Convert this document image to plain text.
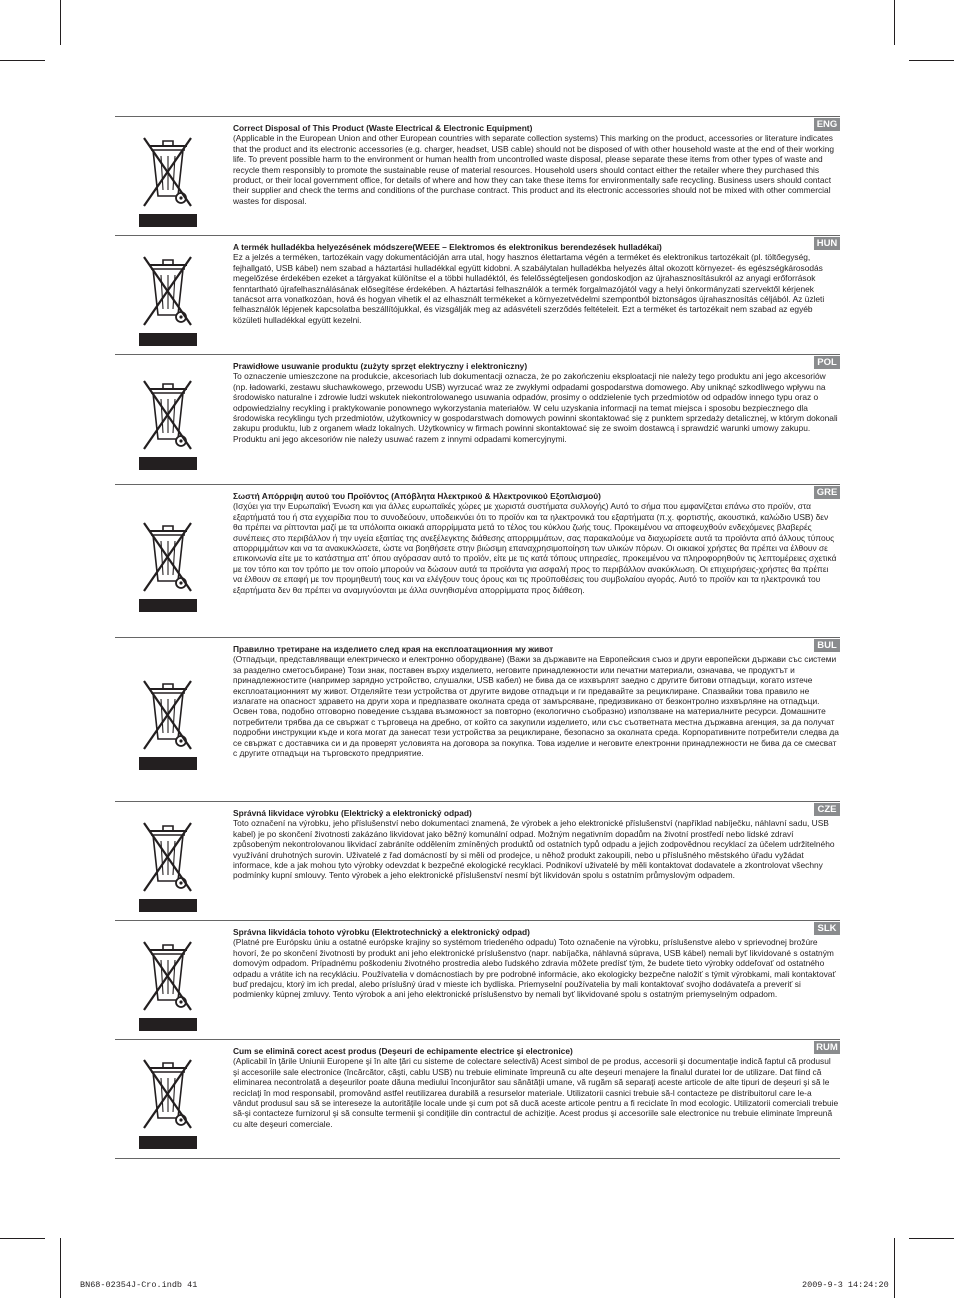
ENG

Correct Disposal of This Product (Waste Electrical & Electronic Equipment)

(Applicable in the European Union and other European countries with separate collection systems) This marking on the product, accessories or literature indicates that the product and its electronic accessories (e.g. charger, headset, USB cable) should not be disposed of with other household waste at the end of their working life. To prevent possible harm to the environment or human health from uncontrolled waste disposal, please separate these items from other types of waste and recycle them responsibly to promote the sustainable reuse of material resources. Household users should contact either the retailer where they purchased this product, or their local government office, for details of where and how they can take these items for environmentally safe recycling. Business users should contact their supplier and check the terms and conditions of the purchase contract. This product and its electronic accessories should not be mixed with other commercial wastes for disposal.

HUN

A termék hulladékba helyezésének módszere(WEEE – Elektromos és elektronikus berendezések hulladékai)

Ez a jelzés a terméken, tartozékain vagy dokumentációján arra utal, hogy hasznos élettartama végén a terméket és elektronikus tartozékait (pl. töltőegység, fejhallgató, USB kábel) nem szabad a háztartási hulladékkal együtt kidobni. A szabálytalan hulladékba helyezés által okozott környezet- és egészségkárosodás megelőzése érdekében ezeket a tárgyakat különítse el a többi hulladéktól, és felelősségteljesen gondoskodjon az újrahasznosításukról az anyagi erőforrások fenntartható újrafelhasználásának elősegítése érdekében. A háztartási felhasználók a termék forgalmazójától vagy a helyi önkormányzati szervektől kérjenek tanácsot arra vonatkozóan, hová és hogyan vihetik el az elhasznált termékeket a környezetvédelmi szempontból biztonságos újrahasznosítás céljából. Az üzleti felhasználók lépjenek kapcsolatba beszállítójukkal, és vizsgálják meg az adásvételi szerződés feltételeit. Ezt a terméket és tartozékait nem szabad az egyéb közületi hulladékkal együtt kezelni.

POL

Prawidłowe usuwanie produktu (zużyty sprzęt elektryczny i elektroniczny)

To oznaczenie umieszczone na produkcie, akcesoriach lub dokumentacji oznacza, że po zakończeniu eksploatacji nie należy tego produktu ani jego akcesoriów (np. ładowarki, zestawu słuchawkowego, przewodu USB) wyrzucać wraz ze zwykłymi odpadami gospodarstwa domowego. Aby uniknąć szkodliwego wpływu na środowisko naturalne i zdrowie ludzi wskutek niekontrolowanego usuwania odpadów, prosimy o oddzielenie tych przedmiotów od odpadów innego typu oraz o odpowiedzialny recykling i praktykowanie ponownego wykorzystania materiałów. W celu uzyskania informacji na temat miejsca i sposobu bezpiecznego dla środowiska recyklingu tych przedmiotów, użytkownicy w gospodarstwach domowych powinni skontaktować się z punktem sprzedaży detalicznej, w którym dokonali zakupu produktu, lub z organem władz lokalnych. Użytkownicy w firmach powinni skontaktować się ze swoim dostawcą i sprawdzić warunki umowy zakupu. Produktu ani jego akcesoriów nie należy usuwać razem z innymi odpadami komercyjnymi.

GRE

Σωστή Απόρριψη αυτού του Προϊόντος (Απόβλητα Ηλεκτρικού & Ηλεκτρονικού Εξοπλισμού)

(Ισχύει για την Ευρωπαϊκή Ένωση και για άλλες ευρωπαϊκές χώρες με χωριστά συστήματα συλλογής) Αυτό το σήμα που εμφανίζεται επάνω στο προϊόν, στα εξαρτήματά του ή στα εγχειρίδια που το συνοδεύουν, υποδεικνύει ότι το προϊόν και τα ηλεκτρονικά του εξαρτήματα (π.χ. φορτιστής, ακουστικά, καλώδιο USB) δεν θα πρέπει να ρίπτονται μαζί με τα υπόλοιπα οικιακά απορρίμματα μετά το τέλος του κύκλου ζωής τους. Προκειμένου να αποφευχθούν ενδεχόμενες βλαβερές συνέπειες στο περιβάλλον ή την υγεία εξαιτίας της ανεξέλεγκτης διάθεσης απορριμμάτων, σας παρακαλούμε να διαχωρίσετε αυτά τα προϊόντα από άλλους τύπους απορριμμάτων και να τα ανακυκλώσετε, ώστε να βοηθήσετε στην βιώσιμη επαναχρησιμοποίηση των υλικών πόρων. Οι οικιακοί χρήστες θα πρέπει να έλθουν σε επικοινωνία είτε με το κατάστημα απ' όπου αγόρασαν αυτό το προϊόν, είτε με τις κατά τόπους υπηρεσίες, προκειμένου να πληροφορηθούν τις λεπτομέρειες σχετικά με τον τόπο και τον τρόπο με τον οποίο μπορούν να δώσουν αυτά τα προϊόντα για ασφαλή προς το περιβάλλον ανακύκλωση. Οι επιχειρήσεις-χρήστες θα πρέπει να έλθουν σε επαφή με τον προμηθευτή τους και να ελέγξουν τους όρους και τις προϋποθέσεις του συμβολαίου αγοράς. Αυτό το προϊόν και τα ηλεκτρονικά του εξαρτήματα δεν θα πρέπει να αναμιγνύονται με άλλα συνηθισμένα απορρίμματα προς διάθεση.

BUL

Правилно третиране на изделието след края на експлоатационния му живот

(Отпадъци, представляващи електрическо и електронно оборудване) (Важи за държавите на Европейския съюз и други европейски държави със системи за разделно сметосъбиране) Този знак, поставен върху изделието, неговите принадлежности или печатни материали, означава, че продуктът и принадлежностите (например зарядно устройство, слушалки, USB кабел) не бива да се изхвърлят заедно с другите битови отпадъци, когато изтече експлоатационният му живот. Отделяйте тези устройства от другите видове отпадъци и ги предавайте за рециклиране. Спазвайки това правило не излагате на опасност здравето на други хора и предпазвате околната среда от замърсяване, предизвикано от безконтролно изхвърляне на отпадъци. Освен това, подобно отговорно поведение създава възможност за повторно (екологично съобразно) използване на материалните ресурси. Домашните потребители трябва да се свържат с търговеца на дребно, от който са закупили изделието, или със съответната местна държавна агенция, за да получат подробни инструкции къде и кога могат да занесат тези устройства за рециклиране, безопасно за околната среда. Корпоративните потребители следва да се свържат с доставчика си и да проверят условията на договора за покупка. Това изделие и неговите електронни принадлежности не бива да се смесват с другите отпадъци на търговското предприятие.

CZE

Správná likvidace výrobku (Elektrický a elektronický odpad)

Toto označení na výrobku, jeho příslušenství nebo dokumentaci znamená, že výrobek a jeho elektronické příslušenství (například nabíječku, náhlavní sadu, USB kabel) je po skončení životnosti zakázáno likvidovat jako běžný komunální odpad. Možným negativním dopadům na životní prostředí nebo lidské zdraví způsobeným nekontrolovanou likvidací zabráníte oddělením zmíněných produktů od ostatních typů odpadu a jejich zodpovědnou recyklací za účelem udržitelného využívání druhotných surovin. Uživatelé z řad domácností by si měli od prodejce, u něhož produkt zakoupili, nebo u příslušného městského úřadu vyžádat informace, kde a jak mohou tyto výrobky odevzdat k bezpečné ekologické recyklaci. Podnikoví uživatelé by měli kontaktovat dodavatele a zkontrolovat všechny podmínky kupní smlouvy. Tento výrobek a jeho elektronické příslušenství nesmí být likvidován spolu s ostatním průmyslovým odpadem.

SLK

Správna likvidácia tohoto výrobku (Elektrotechnický a elektronický odpad)

(Platné pre Európsku úniu a ostatné európske krajiny so systémom triedeného odpadu) Toto označenie na výrobku, príslušenstve alebo v sprievodnej brožúre hovorí, že po skončení životnosti by produkt ani jeho elektronické príslušenstvo (napr. nabíjačka, náhlavná súprava, USB kábel) nemali byť likvidované s ostatným domovým odpadom. Prípadnému poškodeniu životného prostredia alebo ľudského zdravia môžete predísť tým, že budete tieto výrobky oddeľovať od ostatného odpadu a vrátite ich na recykláciu. Používatelia v domácnostiach by pre podrobné informácie, ako ekologicky bezpečne naložiť s týmit výrobkami, mali kontaktovať buď predajcu, ktorý im ich predal, alebo príslušný úrad v mieste ich bydliska. Priemyselní používatelia by mali kontaktovať svojho dodávateľa a preveriť si podmienky kúpnej zmluvy. Tento výrobok a ani jeho elektronické príslušenstvo by nemali byť likvidované spolu s ostatným priemyselným odpadom.

RUM

Cum se elimină corect acest produs (Deşeuri de echipamente electrice şi electronice)

(Aplicabil în ţările Uniunii Europene şi în alte ţări cu sisteme de colectare selectivă) Acest simbol de pe produs, accesorii şi documentaţie indică faptul că produsul şi accesoriile sale electronice (încărcător, căşti, cablu USB) nu trebuie eliminate împreună cu alte deşeuri menajere la finalul duratei lor de utilizare. Dat fiind că eliminarea necontrolată a deşeurilor poate dăuna mediului înconjurător sau sănătăţii umane, vă rugăm să separaţi aceste articole de alte tipuri de deşeuri şi să le reciclaţi în mod responsabil, promovând astfel reutilizarea durabilă a resurselor materiale. Utilizatorii casnici trebuie să-l contacteze pe distribuitorul care le-a vândut produsul sau să se intereseze la autorităţile locale unde şi cum pot să ducă aceste articole pentru a fi reciclate în mod ecologic. Utilizatorii comerciali trebuie să-şi contacteze furnizorul şi să consulte termenii şi condiţiile din contractul de achiziţie. Acest produs şi accesoriile sale electronice nu trebuie eliminate împreună cu alte deşeuri comerciale.

BN68-02354J-Cro.indb 41	2009-9-3 14:24:20
